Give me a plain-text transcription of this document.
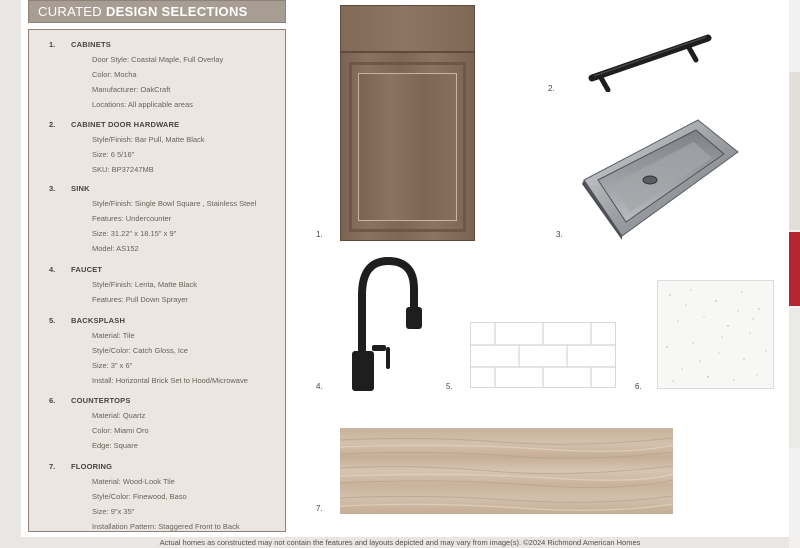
CURATED DESIGN SELECTIONS
1. CABINETS
Door Style: Coastal Maple, Full Overlay
Color: Mocha
Manufacturer: OakCraft
Locations: All applicable areas
2. CABINET DOOR HARDWARE
Style/Finish: Bar Pull, Matte Black
Size: 6 5/16"
SKU: BP37247MB
3. SINK
Style/Finish: Single Bowl Square , Stainless Steel
Features: Undercounter
Size: 31.22" x 18.15" x 9"
Model: AS152
4. FAUCET
Style/Finish: Lenta, Matte Black
Features: Pull Down Sprayer
5. BACKSPLASH
Material: Tile
Style/Color: Catch Gloss, Ice
Size: 3" x 6"
Install: Horizontal Brick Set to Hood/Microwave
6. COUNTERTOPS
Material: Quartz
Color: Miami Oro
Edge: Square
7. FLOORING
Material: Wood-Look Tile
Style/Color: Finewood, Baso
Size: 9"x 35"
Installation Pattern: Staggered Front to Back
1.
2.
3.
4.	5.	6.
7.
Actual homes as constructed may not contain the features and layouts depicted and may vary from image(s). ©2024 Richmond American Homes
